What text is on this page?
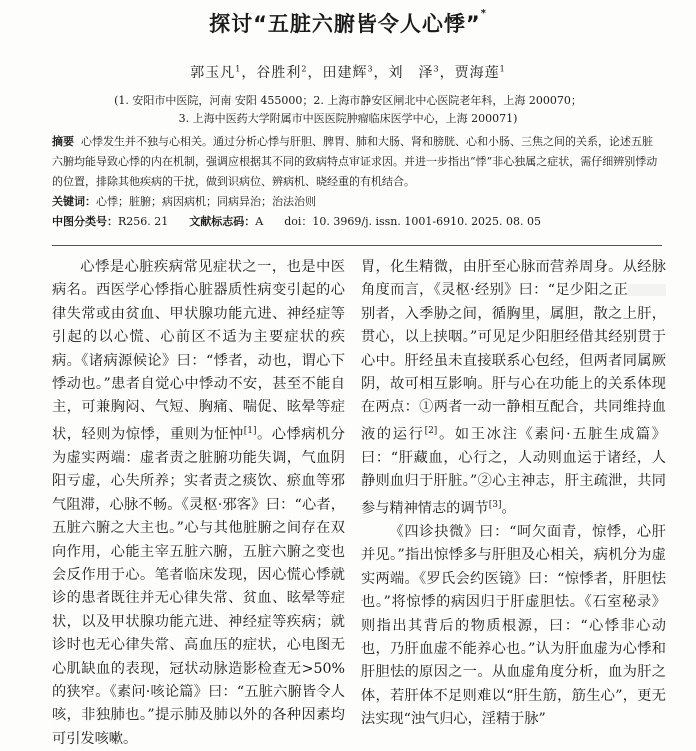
探讨“五脏六腑皆令人心悸”*
郭玉凡$^1$，谷胜利$^2$，田建辉$^3$，刘　泽$^3$，贾海莲$^1$
(1. 安阳市中医院，河南 安阳 455000；2. 上海市静安区闸北中心医院老年科，上海 200070；
3. 上海中医药大学附属市中医医院肿瘤临床医学中心，上海 200071)
摘要 心悸发生并不独与心相关。通过分析心悸与肝胆、脾胃、肺和大肠、肾和膀胱、心和小肠、三焦之间的关系，论述五脏六腑均能导致心悸的内在机制，强调应根据其不同的致病特点审证求因。并进一步指出“悸”非心独属之症状，需仔细辨别悸动的位置，排除其他疾病的干扰，做到识病位、辨病机、晓经重的有机结合。
关键词：心悸；脏腑；病因病机；同病异治；治法治则
中图分类号：R256. 21 文献标志码：A doi：10. 3969/j. issn. 1001-6910. 2025. 08. 05

心悸是心脏疾病常见症状之一，也是中医病名。西医学心悸指心脏器质性病变引起的心律失常或由贫血、甲状腺功能亢进、神经症等引起的以心慌、心前区不适为主要症状的疾病。《诸病源候论》曰：“悸者，动也，谓心下悸动也。”患者自觉心中悸动不安，甚至不能自主，可兼胸闷、气短、胸痛、喘促、眩晕等症状，轻则为惊悸，重则为怔忡[1]。心悸病机分为虚实两端：虚者责之脏腑功能失调，气血阴阳亏虚，心失所养；实者责之痰饮、瘀血等邪气阻滞，心脉不畅。《灵枢·邪客》曰：“心者，五脏六腑之大主也。”心与其他脏腑之间存在双向作用，心能主宰五脏六腑，五脏六腑之变也会反作用于心。笔者临床发现，因心慌心悸就诊的患者既往并无心律失常、贫血、眩晕等症状，以及甲状腺功能亢进、神经症等疾病；就诊时也无心律失常、高血压的症状，心电图无心肌缺血的表现，冠状动脉造影检查无>50%的狭窄。《素问·咳论篇》曰：“五脏六腑皆令人咳，非独肺也。”提示肺及肺以外的各种因素均可引发咳嗽。

胃，化生精微，由肝至心脉而营养周身。从经脉角度而言，《灵枢·经别》曰：“足少阳之正别者，入季胁之间，循胸里，属胆，散之上肝，贯心，以上挟咽。”可见足少阳胆经借其经别贯于心中。肝经虽未直接联系心包经，但两者同属厥阴，故可相互影响。肝与心在功能上的关系体现在两点：①两者一动一静相互配合，共同维持血液的运行[2]。如王冰注《素问·五脏生成篇》曰：“肝藏血，心行之，人动则血运于诸经，人静则血归于肝脏。”②心主神志，肝主疏泄，共同参与精神情志的调节[3]。

《四诊抉微》曰：“呵欠面青，惊悸，心肝并见。”指出惊悸多与肝胆及心相关，病机分为虚实两端。《罗氏会约医镜》曰：“惊悸者，肝胆怯也。”将惊悸的病因归于肝虚胆怯。《石室秘录》则指出其背后的物质根源，曰：“心悸非心动也，乃肝血虚不能养心也。”认为肝血虚为心悸和肝胆怯的原因之一。从血虚角度分析，血为肝之体，若肝体不足则难以“肝生筋，筋生心”，更无法实现“浊气归心，淫精于脉”
